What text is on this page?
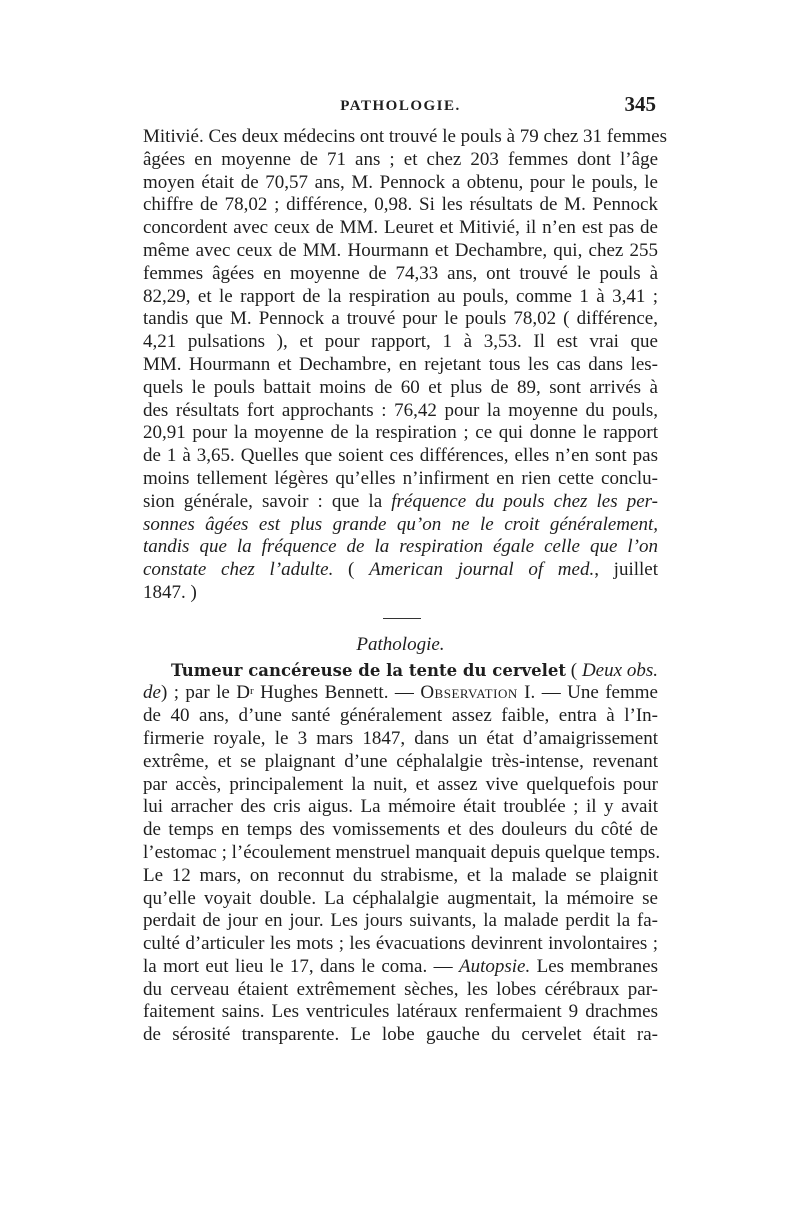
PATHOLOGIE.	345
Mitivié. Ces deux médecins ont trouvé le pouls à 79 chez 31 femmes
âgées en moyenne de 71 ans ; et chez 203 femmes dont l’âge
moyen était de 70,57 ans, M. Pennock a obtenu, pour le pouls, le
chiffre de 78,02 ; différence, 0,98. Si les résultats de M. Pennock
concordent avec ceux de MM. Leuret et Mitivié, il n’en est pas de
même avec ceux de MM. Hourmann et Dechambre, qui, chez 255
femmes âgées en moyenne de 74,33 ans, ont trouvé le pouls à
82,29, et le rapport de la respiration au pouls, comme 1 à 3,41 ;
tandis que M. Pennock a trouvé pour le pouls 78,02 ( différence,
4,21 pulsations ), et pour rapport, 1 à 3,53. Il est vrai que
MM. Hourmann et Dechambre, en rejetant tous les cas dans les-
quels le pouls battait moins de 60 et plus de 89, sont arrivés à
des résultats fort approchants : 76,42 pour la moyenne du pouls,
20,91 pour la moyenne de la respiration ; ce qui donne le rapport
de 1 à 3,65. Quelles que soient ces différences, elles n’en sont pas
moins tellement légères qu’elles n’infirment en rien cette conclu-
sion générale, savoir : que la fréquence du pouls chez les per-
sonnes âgées est plus grande qu’on ne le croit généralement,
tandis que la fréquence de la respiration égale celle que l’on
constate chez l’adulte. ( American journal of med., juillet
1847. )
Pathologie.
Tumeur cancéreuse de la tente du cervelet ( Deux obs.
de) ; par le $D^r$ Hughes Bennett. — Observation I. — Une femme
de 40 ans, d’une santé généralement assez faible, entra à l’In-
firmerie royale, le 3 mars 1847, dans un état d’amaigrissement
extrême, et se plaignant d’une céphalalgie très-intense, revenant
par accès, principalement la nuit, et assez vive quelquefois pour
lui arracher des cris aigus. La mémoire était troublée ; il y avait
de temps en temps des vomissements et des douleurs du côté de
l’estomac ; l’écoulement menstruel manquait depuis quelque temps.
Le 12 mars, on reconnut du strabisme, et la malade se plaignit
qu’elle voyait double. La céphalalgie augmentait, la mémoire se
perdait de jour en jour. Les jours suivants, la malade perdit la fa-
culté d’articuler les mots ; les évacuations devinrent involontaires ;
la mort eut lieu le 17, dans le coma. — Autopsie. Les membranes
du cerveau étaient extrêmement sèches, les lobes cérébraux par-
faitement sains. Les ventricules latéraux renfermaient 9 drachmes
de sérosité transparente. Le lobe gauche du cervelet était ra-
